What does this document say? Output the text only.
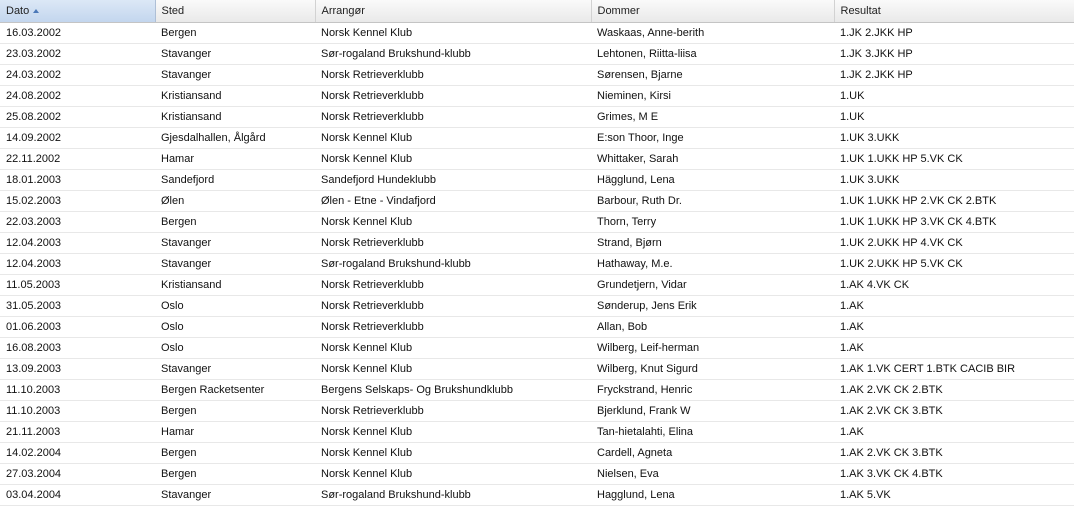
Dato	Sted	Arrangør	Dommer	Resultat
16.03.2002	Bergen	Norsk Kennel Klub	Waskaas, Anne-berith	1.JK 2.JKK HP
23.03.2002	Stavanger	Sør-rogaland Brukshund-klubb	Lehtonen, Riitta-liisa	1.JK 3.JKK HP
24.03.2002	Stavanger	Norsk Retrieverklubb	Sørensen, Bjarne	1.JK 2.JKK HP
24.08.2002	Kristiansand	Norsk Retrieverklubb	Nieminen, Kirsi	1.UK
25.08.2002	Kristiansand	Norsk Retrieverklubb	Grimes, M E	1.UK
14.09.2002	Gjesdalhallen, Ålgård	Norsk Kennel Klub	E:son Thoor, Inge	1.UK 3.UKK
22.11.2002	Hamar	Norsk Kennel Klub	Whittaker, Sarah	1.UK 1.UKK HP 5.VK CK
18.01.2003	Sandefjord	Sandefjord Hundeklubb	Hägglund, Lena	1.UK 3.UKK
15.02.2003	Ølen	Ølen - Etne - Vindafjord	Barbour, Ruth Dr.	1.UK 1.UKK HP 2.VK CK 2.BTK
22.03.2003	Bergen	Norsk Kennel Klub	Thorn, Terry	1.UK 1.UKK HP 3.VK CK 4.BTK
12.04.2003	Stavanger	Norsk Retrieverklubb	Strand, Bjørn	1.UK 2.UKK HP 4.VK CK
12.04.2003	Stavanger	Sør-rogaland Brukshund-klubb	Hathaway, M.e.	1.UK 2.UKK HP 5.VK CK
11.05.2003	Kristiansand	Norsk Retrieverklubb	Grundetjern, Vidar	1.AK 4.VK CK
31.05.2003	Oslo	Norsk Retrieverklubb	Sønderup, Jens Erik	1.AK
01.06.2003	Oslo	Norsk Retrieverklubb	Allan, Bob	1.AK
16.08.2003	Oslo	Norsk Kennel Klub	Wilberg, Leif-herman	1.AK
13.09.2003	Stavanger	Norsk Kennel Klub	Wilberg, Knut Sigurd	1.AK 1.VK CERT 1.BTK CACIB BIR
11.10.2003	Bergen Racketsenter	Bergens Selskaps- Og Brukshundklubb	Fryckstrand, Henric	1.AK 2.VK CK 2.BTK
11.10.2003	Bergen	Norsk Retrieverklubb	Bjerklund, Frank W	1.AK 2.VK CK 3.BTK
21.11.2003	Hamar	Norsk Kennel Klub	Tan-hietalahti, Elina	1.AK
14.02.2004	Bergen	Norsk Kennel Klub	Cardell, Agneta	1.AK 2.VK CK 3.BTK
27.03.2004	Bergen	Norsk Kennel Klub	Nielsen, Eva	1.AK 3.VK CK 4.BTK
03.04.2004	Stavanger	Sør-rogaland Brukshund-klubb	Hagglund, Lena	1.AK 5.VK
